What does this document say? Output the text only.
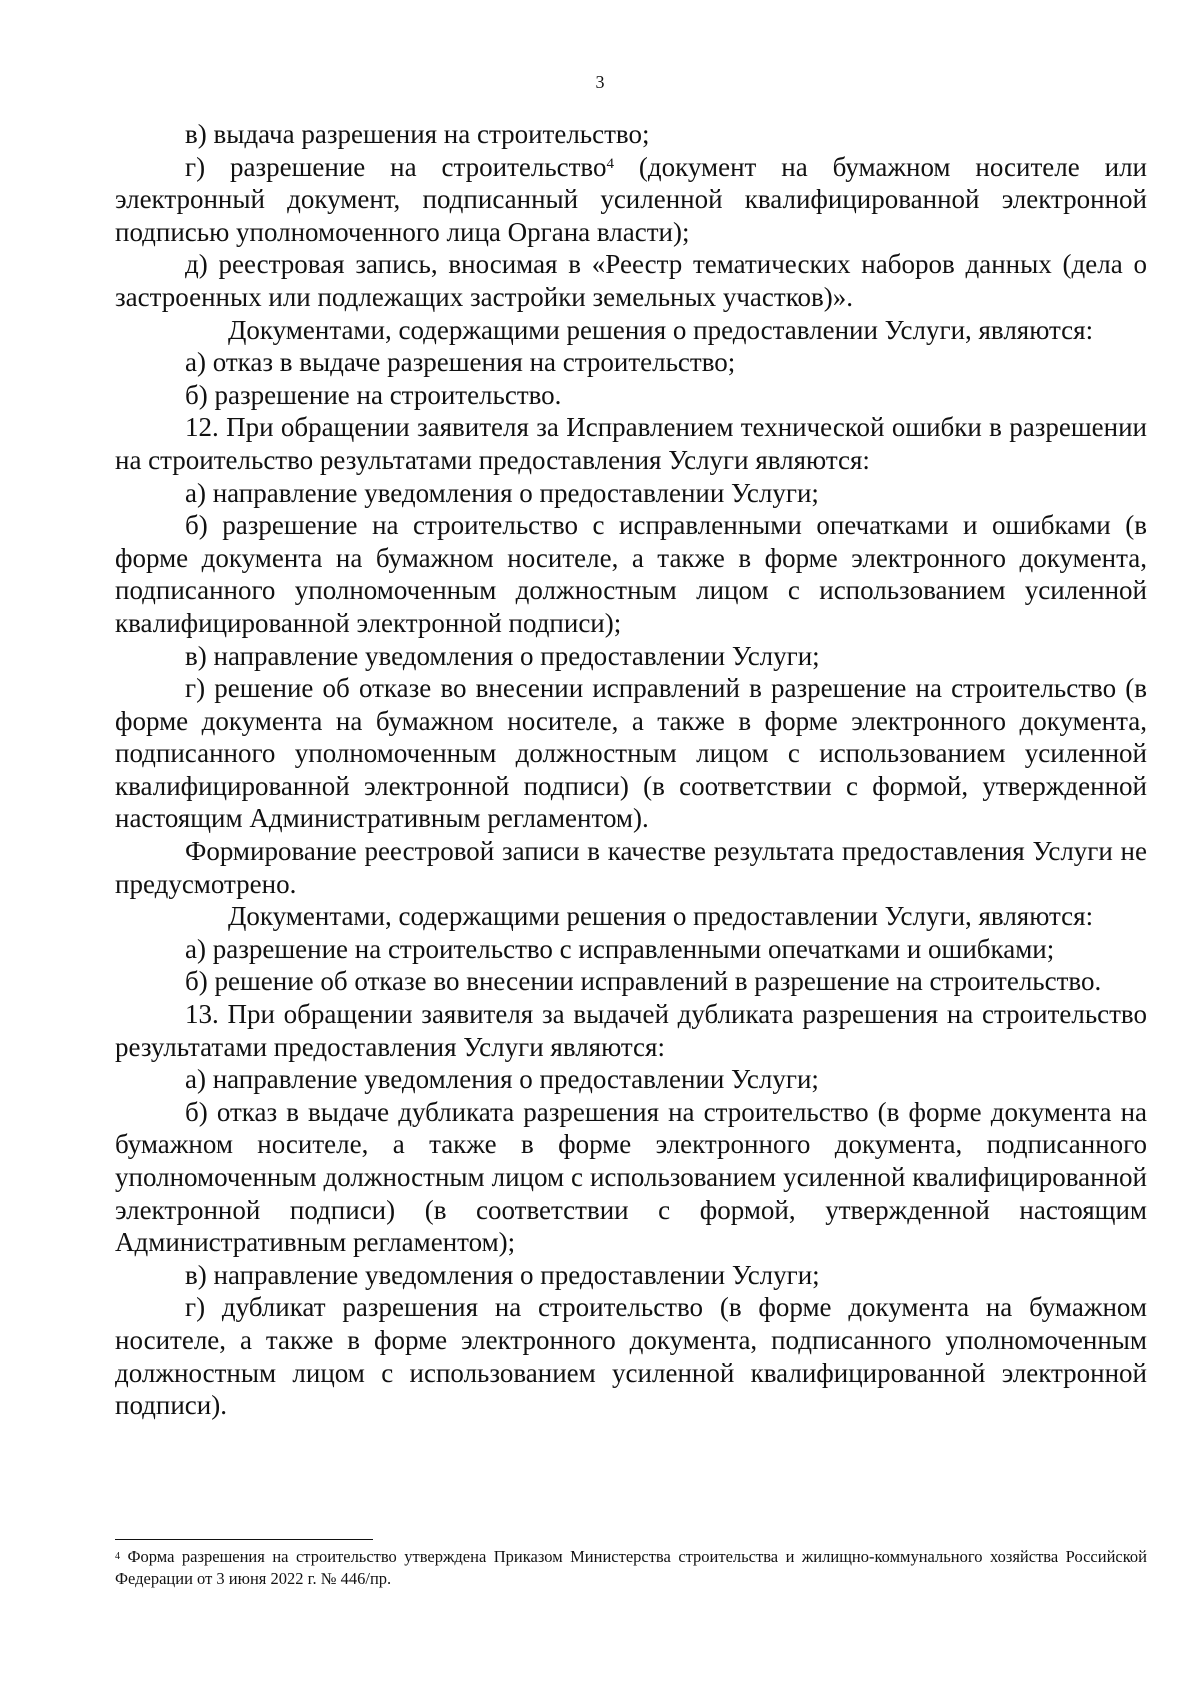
3

в) выдача разрешения на строительство;

г) разрешение на строительство$^4$ (документ на бумажном носителе или электронный документ, подписанный усиленной квалифицированной электронной подписью уполномоченного лица Органа власти);

д) реестровая запись, вносимая в «Реестр тематических наборов данных (дела о застроенных или подлежащих застройки земельных участков)».

Документами, содержащими решения о предоставлении Услуги, являются:

а) отказ в выдаче разрешения на строительство;

б) разрешение на строительство.

12. При обращении заявителя за Исправлением технической ошибки в разрешении на строительство результатами предоставления Услуги являются:

а) направление уведомления о предоставлении Услуги;

б) разрешение на строительство с исправленными опечатками и ошибками (в форме документа на бумажном носителе, а также в форме электронного документа, подписанного уполномоченным должностным лицом с использованием усиленной квалифицированной электронной подписи);

в) направление уведомления о предоставлении Услуги;

г) решение об отказе во внесении исправлений в разрешение на строительство (в форме документа на бумажном носителе, а также в форме электронного документа, подписанного уполномоченным должностным лицом с использованием усиленной квалифицированной электронной подписи) (в соответствии с формой, утвержденной настоящим Административным регламентом).

Формирование реестровой записи в качестве результата предоставления Услуги не предусмотрено.

Документами, содержащими решения о предоставлении Услуги, являются:

а) разрешение на строительство с исправленными опечатками и ошибками;

б) решение об отказе во внесении исправлений в разрешение на строительство.

13. При обращении заявителя за выдачей дубликата разрешения на строительство результатами предоставления Услуги являются:

а) направление уведомления о предоставлении Услуги;

б) отказ в выдаче дубликата разрешения на строительство (в форме документа на бумажном носителе, а также в форме электронного документа, подписанного уполномоченным должностным лицом с использованием усиленной квалифицированной электронной подписи) (в соответствии с формой, утвержденной настоящим Административным регламентом);

в) направление уведомления о предоставлении Услуги;

г) дубликат разрешения на строительство (в форме документа на бумажном носителе, а также в форме электронного документа, подписанного уполномоченным должностным лицом с использованием усиленной квалифицированной электронной подписи).

$^4$ Форма разрешения на строительство утверждена Приказом Министерства строительства и жилищно-коммунального хозяйства Российской Федерации от 3 июня 2022 г. № 446/пр.
